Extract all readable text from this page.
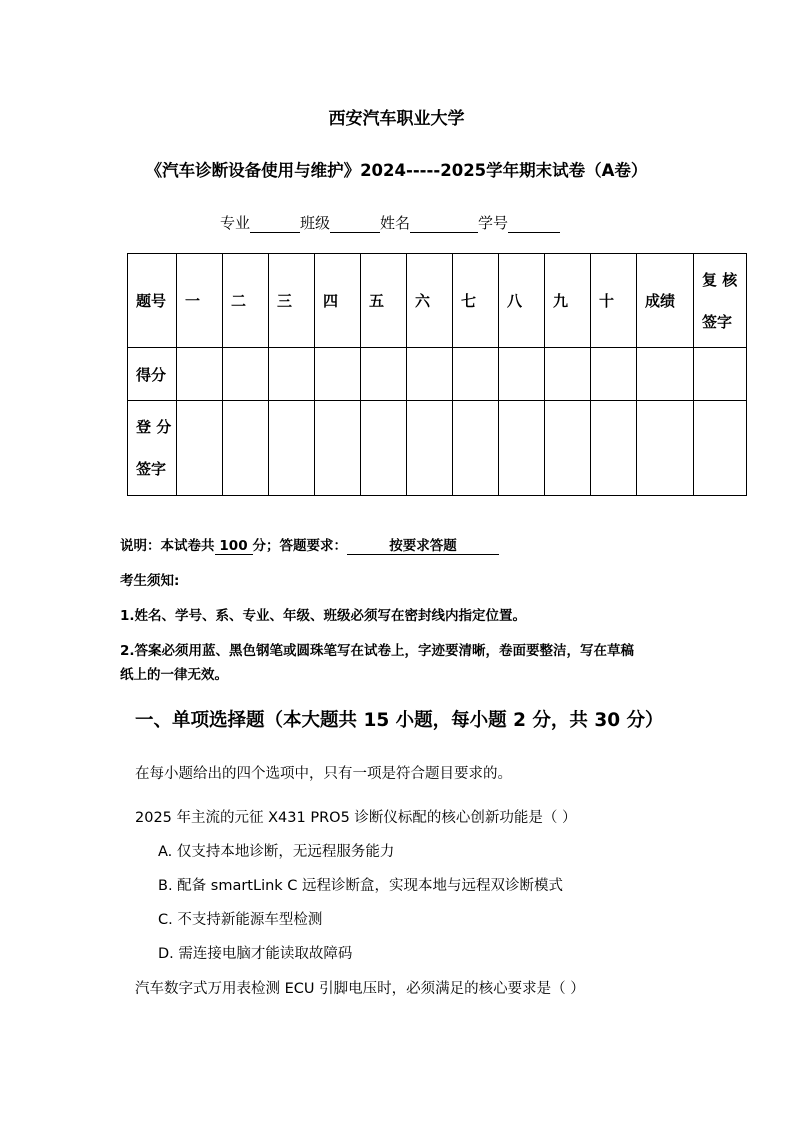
西安汽车职业大学
《汽车诊断设备使用与维护》2024-----2025学年期末试卷（A卷）
专业	班级	姓名	学号
题号	一	二	三	四	五	六	七	八	九	十	成绩	复 核
签字

得分												

登 分
签字												

说明：本试卷共 100 分；答题要求：	按要求答题
考生须知:
1.姓名、学号、系、专业、年级、班级必须写在密封线内指定位置。
2.答案必须用蓝、黑色钢笔或圆珠笔写在试卷上，字迹要清晰，卷面要整洁，写在草稿
纸上的一律无效。
一、单项选择题（本大题共 15 小题，每小题 2 分，共 30 分）
在每小题给出的四个选项中，只有一项是符合题目要求的。
2025 年主流的元征 X431 PRO5 诊断仪标配的核心创新功能是（ ）
A. 仅支持本地诊断，无远程服务能力
B. 配备 smartLink C 远程诊断盒，实现本地与远程双诊断模式
C. 不支持新能源车型检测
D. 需连接电脑才能读取故障码
汽车数字式万用表检测 ECU 引脚电压时，必须满足的核心要求是（ ）
